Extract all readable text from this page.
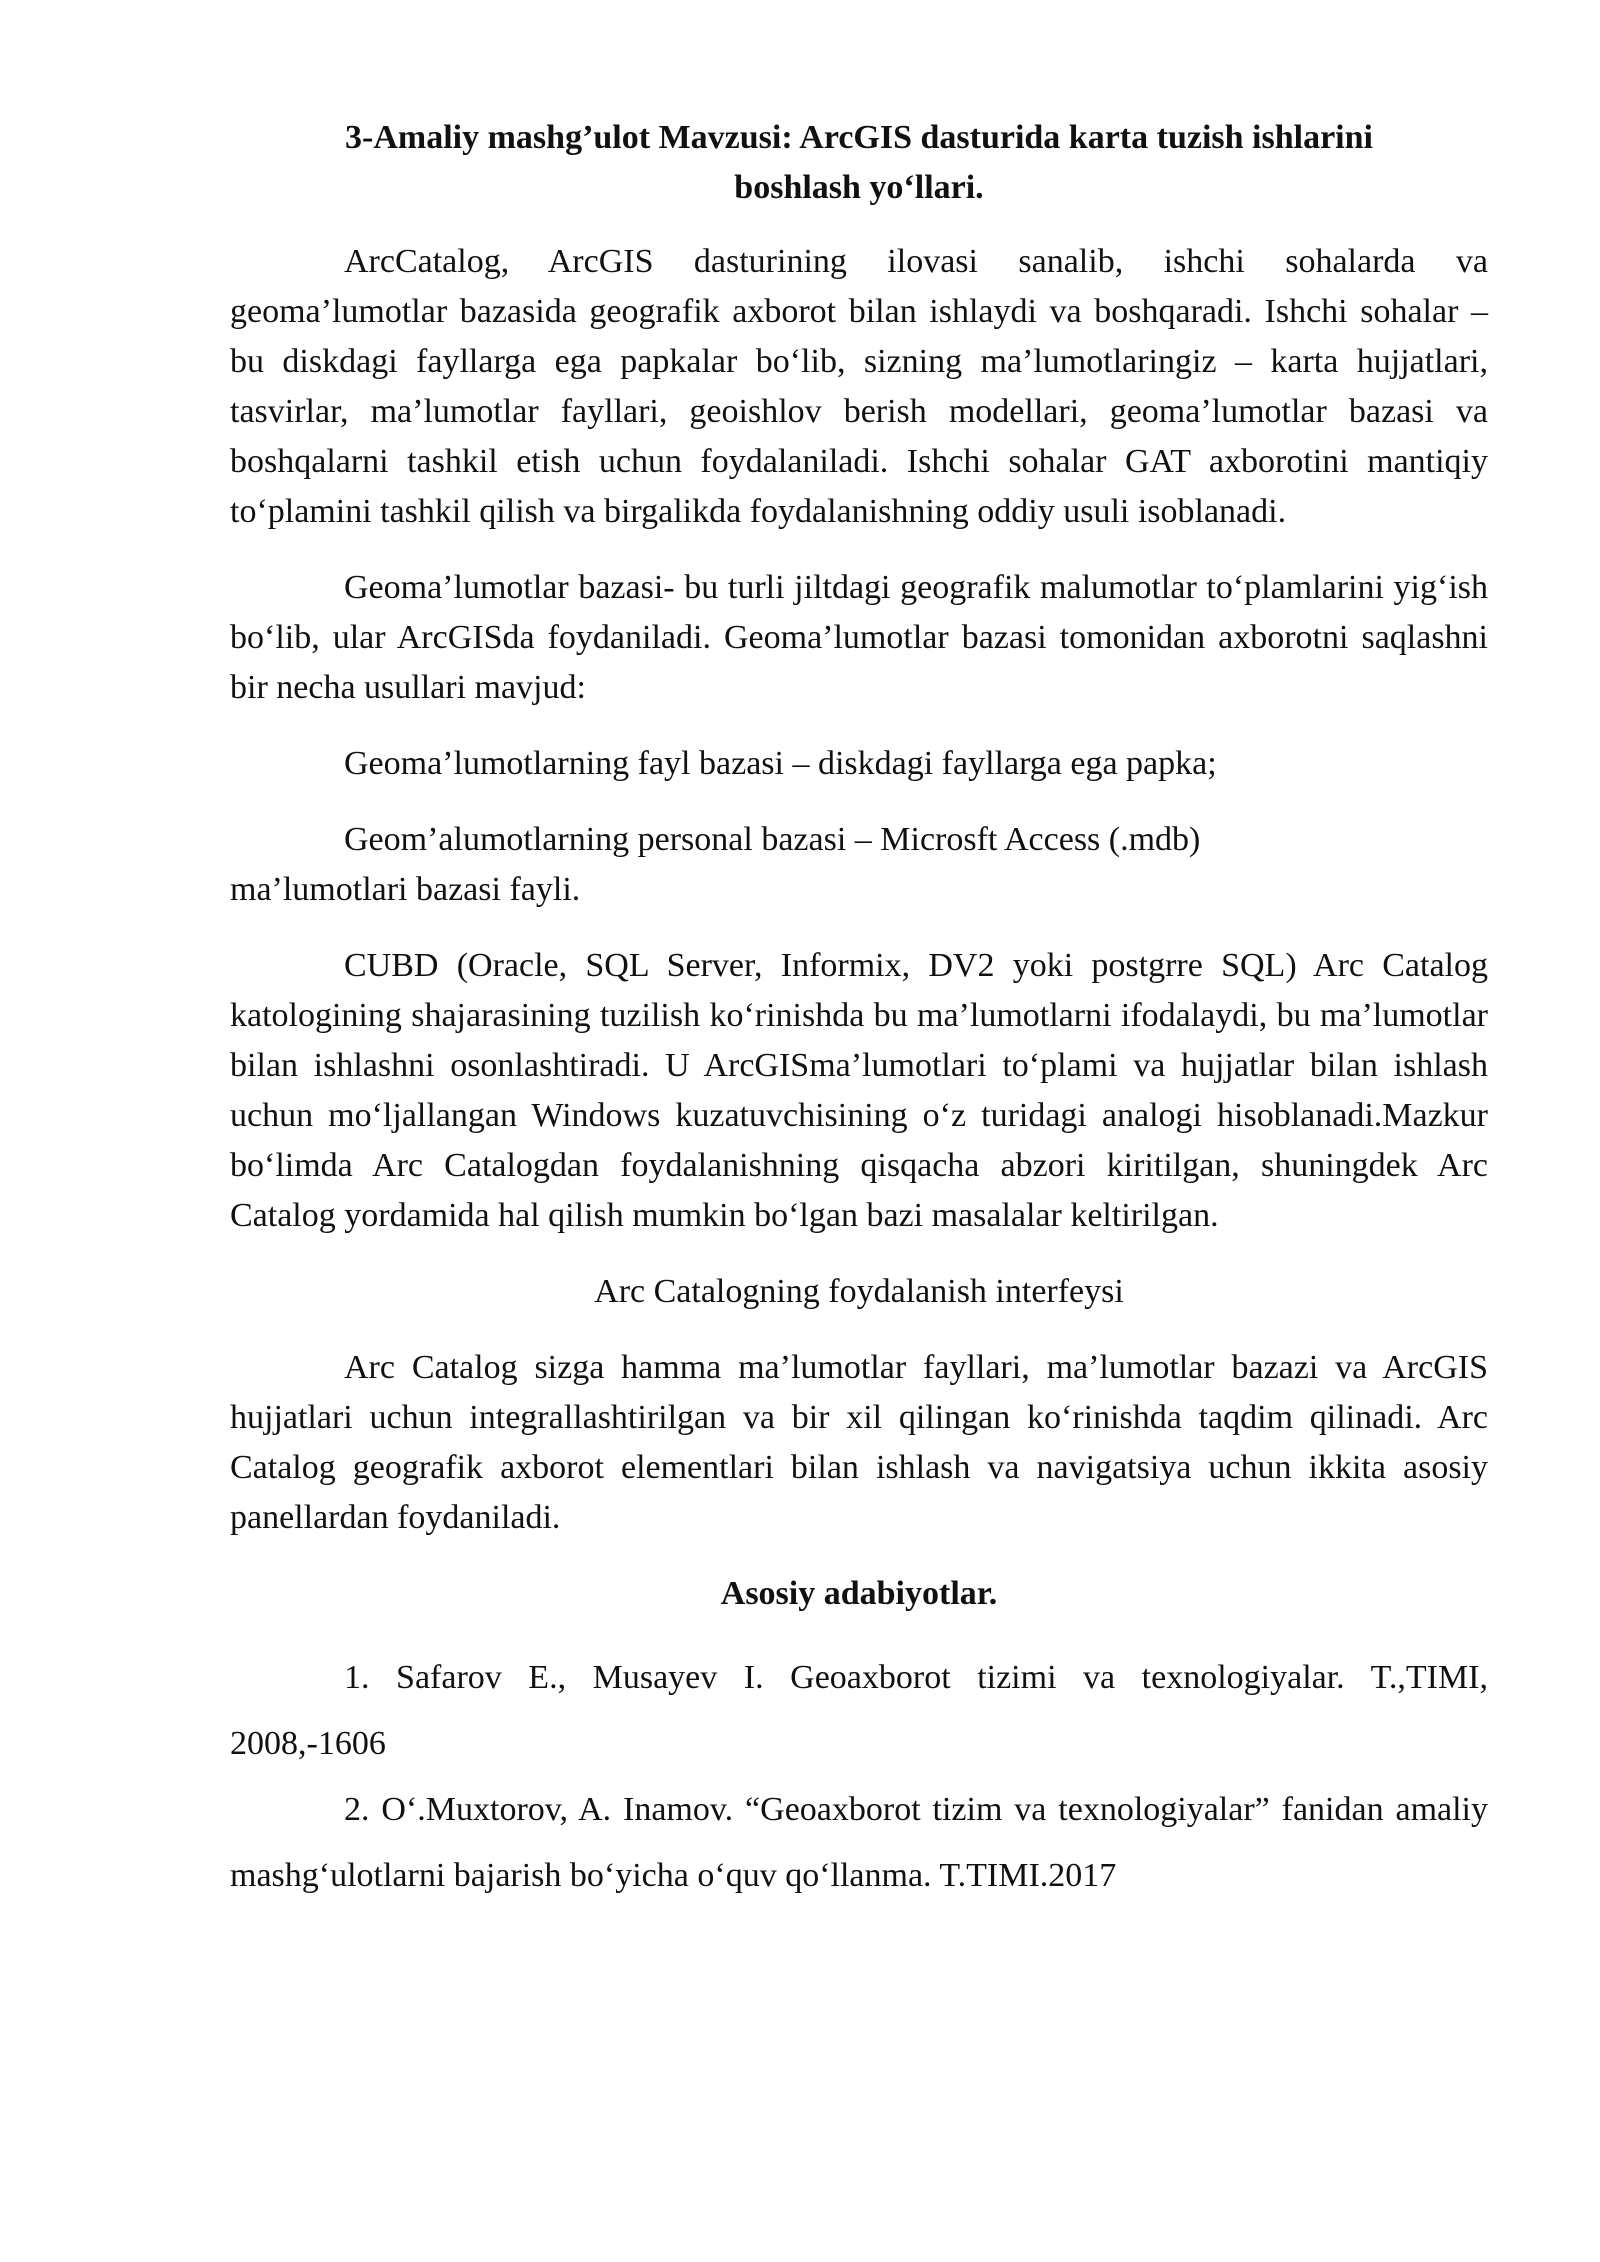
3-Amaliy mashg’ulot Mavzusi: ArcGIS dasturida karta tuzish ishlarini
boshlash yo‘llari.

ArcCatalog, ArcGIS dasturining ilovasi sanalib, ishchi sohalarda va geoma’lumotlar bazasida geografik axborot bilan ishlaydi va boshqaradi. Ishchi sohalar – bu diskdagi fayllarga ega papkalar bo‘lib, sizning ma’lumotlaringiz – karta hujjatlari, tasvirlar, ma’lumotlar fayllari, geoishlov berish modellari, geoma’lumotlar bazasi va boshqalarni tashkil etish uchun foydalaniladi. Ishchi sohalar GAT axborotini mantiqiy to‘plamini tashkil qilish va birgalikda foydalanishning oddiy usuli isoblanadi.

Geoma’lumotlar bazasi- bu turli jiltdagi geografik malumotlar to‘plamlarini yig‘ish bo‘lib, ular ArcGISda foydaniladi. Geoma’lumotlar bazasi tomonidan axborotni saqlashni bir necha usullari mavjud:

Geoma’lumotlarning fayl bazasi – diskdagi fayllarga ega papka;

Geom’alumotlarning personal bazasi – Microsft Access (.mdb)
ma’lumotlari bazasi fayli.

CUBD (Oracle, SQL Server, Informix, DV2 yoki postgrre SQL) Arc Catalog katologining shajarasining tuzilish ko‘rinishda bu ma’lumotlarni ifodalaydi, bu ma’lumotlar bilan ishlashni osonlashtiradi. U ArcGISma’lumotlari to‘plami va hujjatlar bilan ishlash uchun mo‘ljallangan Windows kuzatuvchisining o‘z turidagi analogi hisoblanadi.Mazkur bo‘limda Arc Catalogdan foydalanishning qisqacha abzori kiritilgan, shuningdek Arc Catalog yordamida hal qilish mumkin bo‘lgan bazi masalalar keltirilgan.

Arc Catalogning foydalanish interfeysi

Arc Catalog sizga hamma ma’lumotlar fayllari, ma’lumotlar bazazi va ArcGIS hujjatlari uchun integrallashtirilgan va bir xil qilingan ko‘rinishda taqdim qilinadi. Arc Catalog geografik axborot elementlari bilan ishlash va navigatsiya uchun ikkita asosiy panellardan foydaniladi.

Asosiy adabiyotlar.

1. Safarov E., Musayev I. Geoaxborot tizimi va texnologiyalar. T.,TIMI, 2008,-1606

2. O‘.Muxtorov, A. Inamov. “Geoaxborot tizim va texnologiyalar” fanidan amaliy mashg‘ulotlarni bajarish bo‘yicha o‘quv qo‘llanma. T.TIMI.2017
